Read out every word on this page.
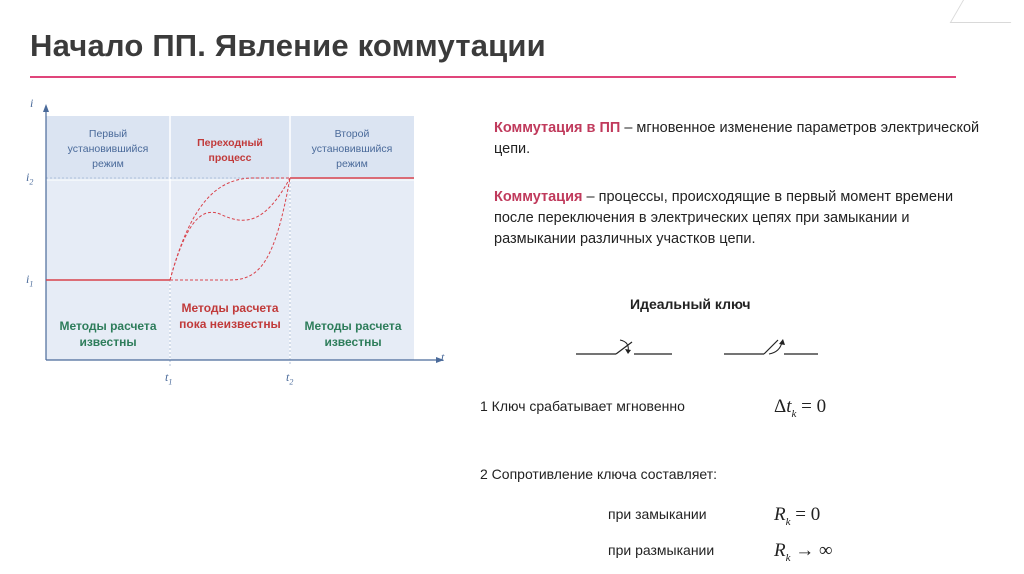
Начало ПП. Явление коммутации
i
t
$i_2$
$i_1$
$t_1$	$t_2$
Первый установившийся режим
Переходный процесс
Второй установившийся режим
Методы расчета известны
Методы расчета пока неизвестны	Методы расчета известны
Коммутация в ПП – мгновенное изменение параметров электрической цепи.
Коммутация – процессы, происходящие в первый момент времени после переключения в электрических цепях при замыкании и размыкании различных участков цепи.
Идеальный ключ
1 Ключ срабатывает мгновенно	$\Delta t_k = 0$
2 Сопротивление ключа составляет:
при замыкании	$R_k = 0$
при размыкании	$R_k$ → ∞
